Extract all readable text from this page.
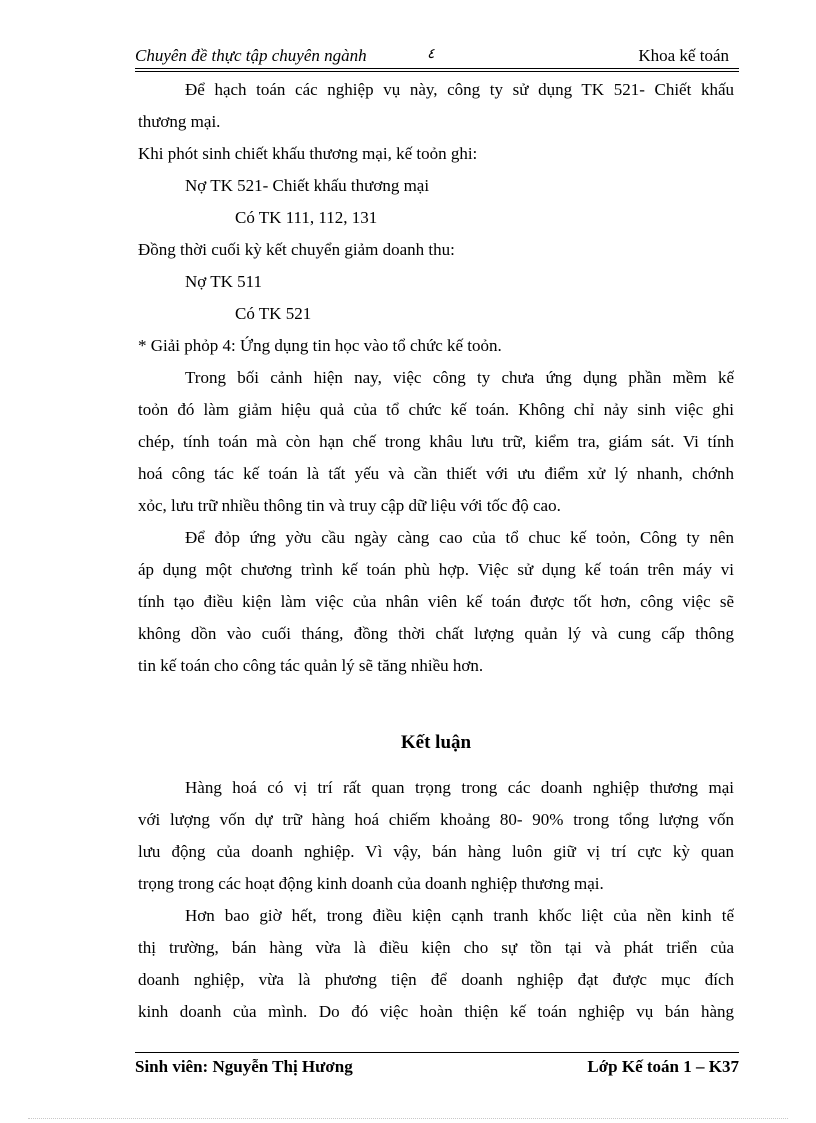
Chuyên đề thực tập chuyên ngành	٤	Khoa kế toán
Để hạch toán các nghiệp vụ này, công ty sử dụng TK 521- Chiết khấu
thương mại.
Khi phót sinh chiết khấu thương mại, kế toỏn ghi:
Nợ TK 521- Chiết khấu thương mại
Có TK 111, 112, 131
Đồng thời cuối kỳ kết chuyển giảm doanh thu:
Nợ TK 511
Có TK 521
* Giải phỏp 4: Ứng dụng tin học vào tổ chức kế toỏn.
Trong bối cảnh hiện nay, việc công ty chưa ứng dụng phần mềm kế
toỏn đó làm giảm hiệu quả của tổ chức kế toán. Không chỉ nảy sinh việc ghi
chép, tính toán mà còn hạn chế trong khâu lưu trữ, kiểm tra, giám sát. Vi tính
hoá công tác kế toán là tất yếu và cần thiết với ưu điểm xử lý nhanh, chớnh
xỏc, lưu trữ nhiều thông tin và truy cập dữ liệu với tốc độ cao.
Để đỏp ứng yờu cầu ngày càng cao của tổ chuc kế toỏn, Công ty nên
áp dụng một chương trình kế toán phù hợp. Việc sử dụng kế toán trên máy vi
tính tạo điều kiện làm việc của nhân viên kế toán được tốt hơn, công việc sẽ
không dồn vào cuối tháng, đồng thời chất lượng quản lý và cung cấp thông
tin kế toán cho công tác quản lý sẽ tăng nhiều hơn.
Kết luận
Hàng hoá có vị trí rất quan trọng trong các doanh nghiệp thương mại
với lượng vốn dự trữ hàng hoá chiếm khoảng 80- 90% trong tổng lượng vốn
lưu động của doanh nghiệp. Vì vậy, bán hàng luôn giữ vị trí cực kỳ quan
trọng trong các hoạt động kinh doanh của doanh nghiệp thương mại.
Hơn bao giờ hết, trong điều kiện cạnh tranh khốc liệt của nền kinh tế
thị trường, bán hàng vừa là điều kiện cho sự tồn tại và phát triển của
doanh nghiệp, vừa là phương tiện để doanh nghiệp đạt được mục đích
kinh doanh của mình. Do đó việc hoàn thiện kế toán nghiệp vụ bán hàng
Sinh viên: Nguyễn Thị Hương	Lớp Kế toán 1 – K37
